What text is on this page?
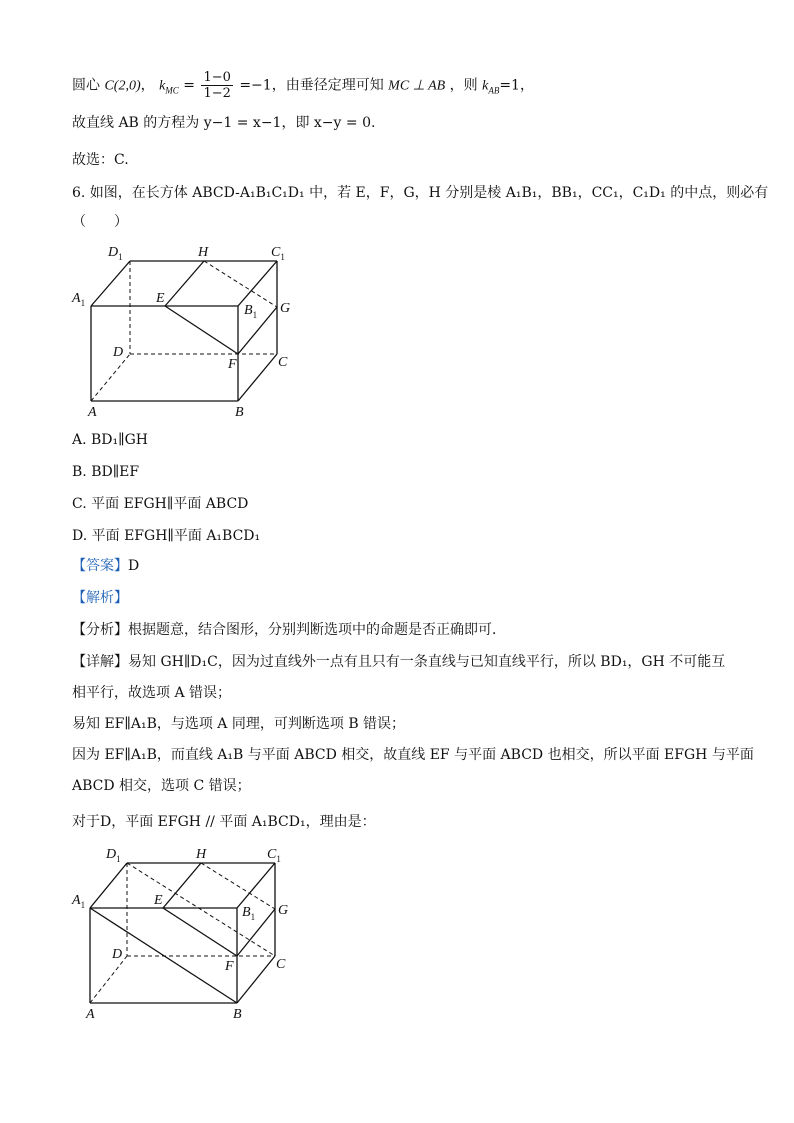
圆心 C(2,0)， $k_{MC} = \frac{1-0}{1-2} =-1$，由垂径定理可知 MC ⊥ AB ，则 $k_{AB}=1$，
故直线 AB 的方程为 y−1 = x−1，即 x−y = 0.
故选：C.
6. 如图，在长方体 ABCD-A₁B₁C₁D₁ 中，若 E，F，G，H 分别是棱 A₁B₁，BB₁，CC₁，C₁D₁ 的中点，则必有
（　　）
$D_1$	H	$C_1$
$A_1$	E
$B_1$ G
D
F	C
A	B
A. BD₁∥GH
B. BD∥EF
C. 平面 EFGH∥平面 ABCD
D. 平面 EFGH∥平面 A₁BCD₁
【答案】D
【解析】
【分析】根据题意，结合图形，分别判断选项中的命题是否正确即可．
【详解】易知 GH∥D₁C，因为过直线外一点有且只有一条直线与已知直线平行，所以 BD₁，GH 不可能互
相平行，故选项 A 错误；
易知 EF∥A₁B，与选项 A 同理，可判断选项 B 错误；
因为 EF∥A₁B，而直线 A₁B 与平面 ABCD 相交，故直线 EF 与平面 ABCD 也相交，所以平面 EFGH 与平面
ABCD 相交，选项 C 错误；
对于D，平面 EFGH // 平面 A₁BCD₁，理由是：
$D_1$	H	$C_1$
$A_1$	E
$B_1$ G
D
F	C
A	B
